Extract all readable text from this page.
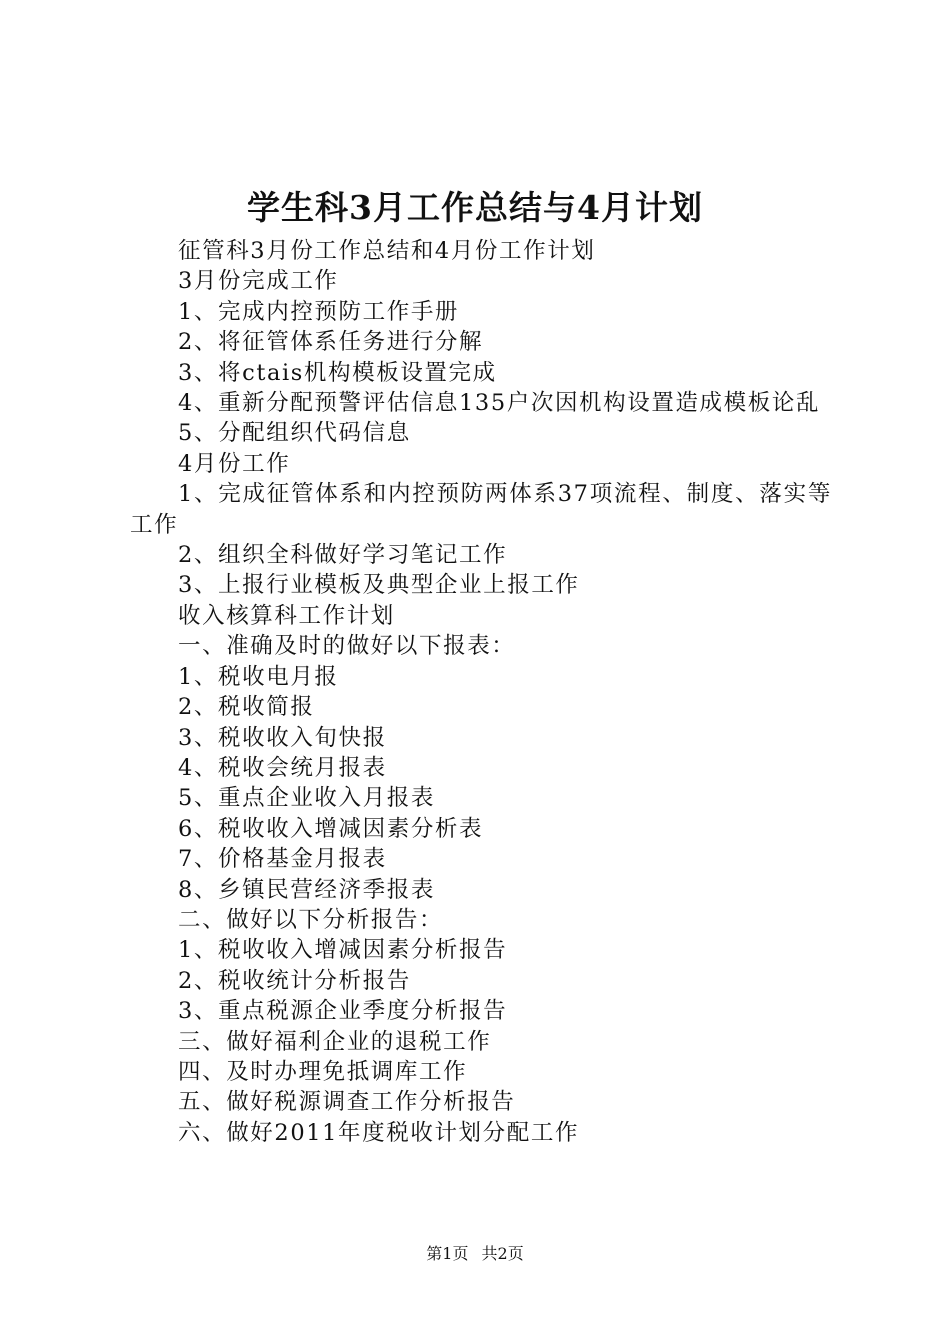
学生科3月工作总结与4月计划

征管科3月份工作总结和4月份工作计划

3月份完成工作

1、完成内控预防工作手册

2、将征管体系任务进行分解

3、将ctais机构模板设置完成

4、重新分配预警评估信息135户次因机构设置造成模板论乱

5、分配组织代码信息

4月份工作

1、完成征管体系和内控预防两体系37项流程、制度、落实等工作

2、组织全科做好学习笔记工作

3、上报行业模板及典型企业上报工作

收入核算科工作计划

一、准确及时的做好以下报表：

1、税收电月报

2、税收简报

3、税收收入旬快报

4、税收会统月报表

5、重点企业收入月报表

6、税收收入增减因素分析表

7、价格基金月报表

8、乡镇民营经济季报表

二、做好以下分析报告：

1、税收收入增减因素分析报告

2、税收统计分析报告

3、重点税源企业季度分析报告

三、做好福利企业的退税工作

四、及时办理免抵调库工作

五、做好税源调查工作分析报告

六、做好2011年度税收计划分配工作

第1页 共2页
